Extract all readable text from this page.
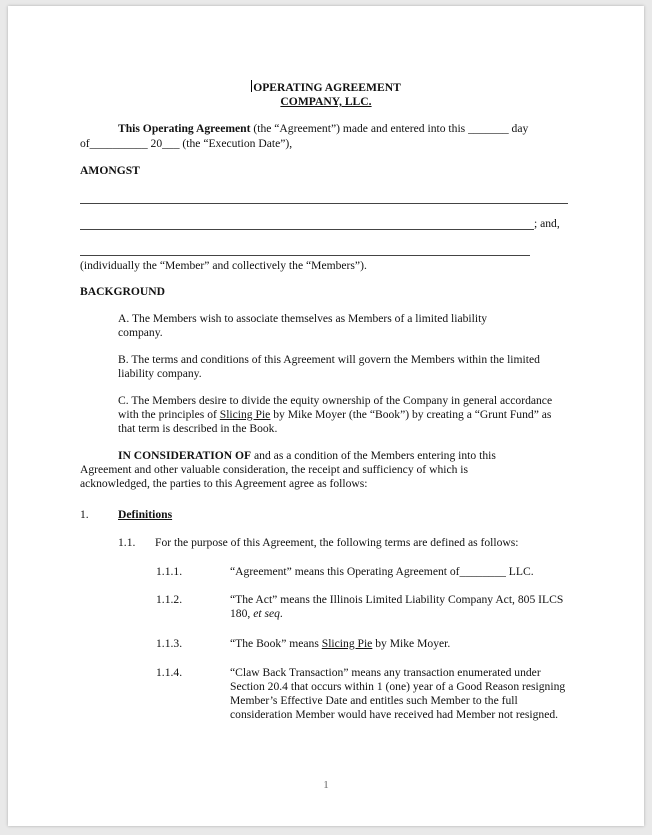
OPERATING AGREEMENT
COMPANY, LLC.
This Operating Agreement (the “Agreement”) made and entered into this _______ day
of__________ 20___ (the “Execution Date”),
AMONGST
; and,
(individually the “Member” and collectively the “Members”).
BACKGROUND
A. The Members wish to associate themselves as Members of a limited liability company.
B. The terms and conditions of this Agreement will govern the Members within the limited liability company.
C. The Members desire to divide the equity ownership of the Company in general accordance with the principles of Slicing Pie by Mike Moyer (the “Book”) by creating a “Grunt Fund” as that term is described in the Book.
IN CONSIDERATION OF and as a condition of the Members entering into this Agreement and other valuable consideration, the receipt and sufficiency of which is acknowledged, the parties to this Agreement agree as follows:
1.	Definitions
1.1. For the purpose of this Agreement, the following terms are defined as follows:
1.1.1.	“Agreement” means this Operating Agreement of________ LLC.
1.1.2.	“The Act” means the Illinois Limited Liability Company Act, 805 ILCS 180, et seq.
1.1.3.	“The Book” means Slicing Pie by Mike Moyer.
1.1.4.	“Claw Back Transaction” means any transaction enumerated under Section 20.4 that occurs within 1 (one) year of a Good Reason resigning Member’s Effective Date and entitles such Member to the full consideration Member would have received had Member not resigned.
1
